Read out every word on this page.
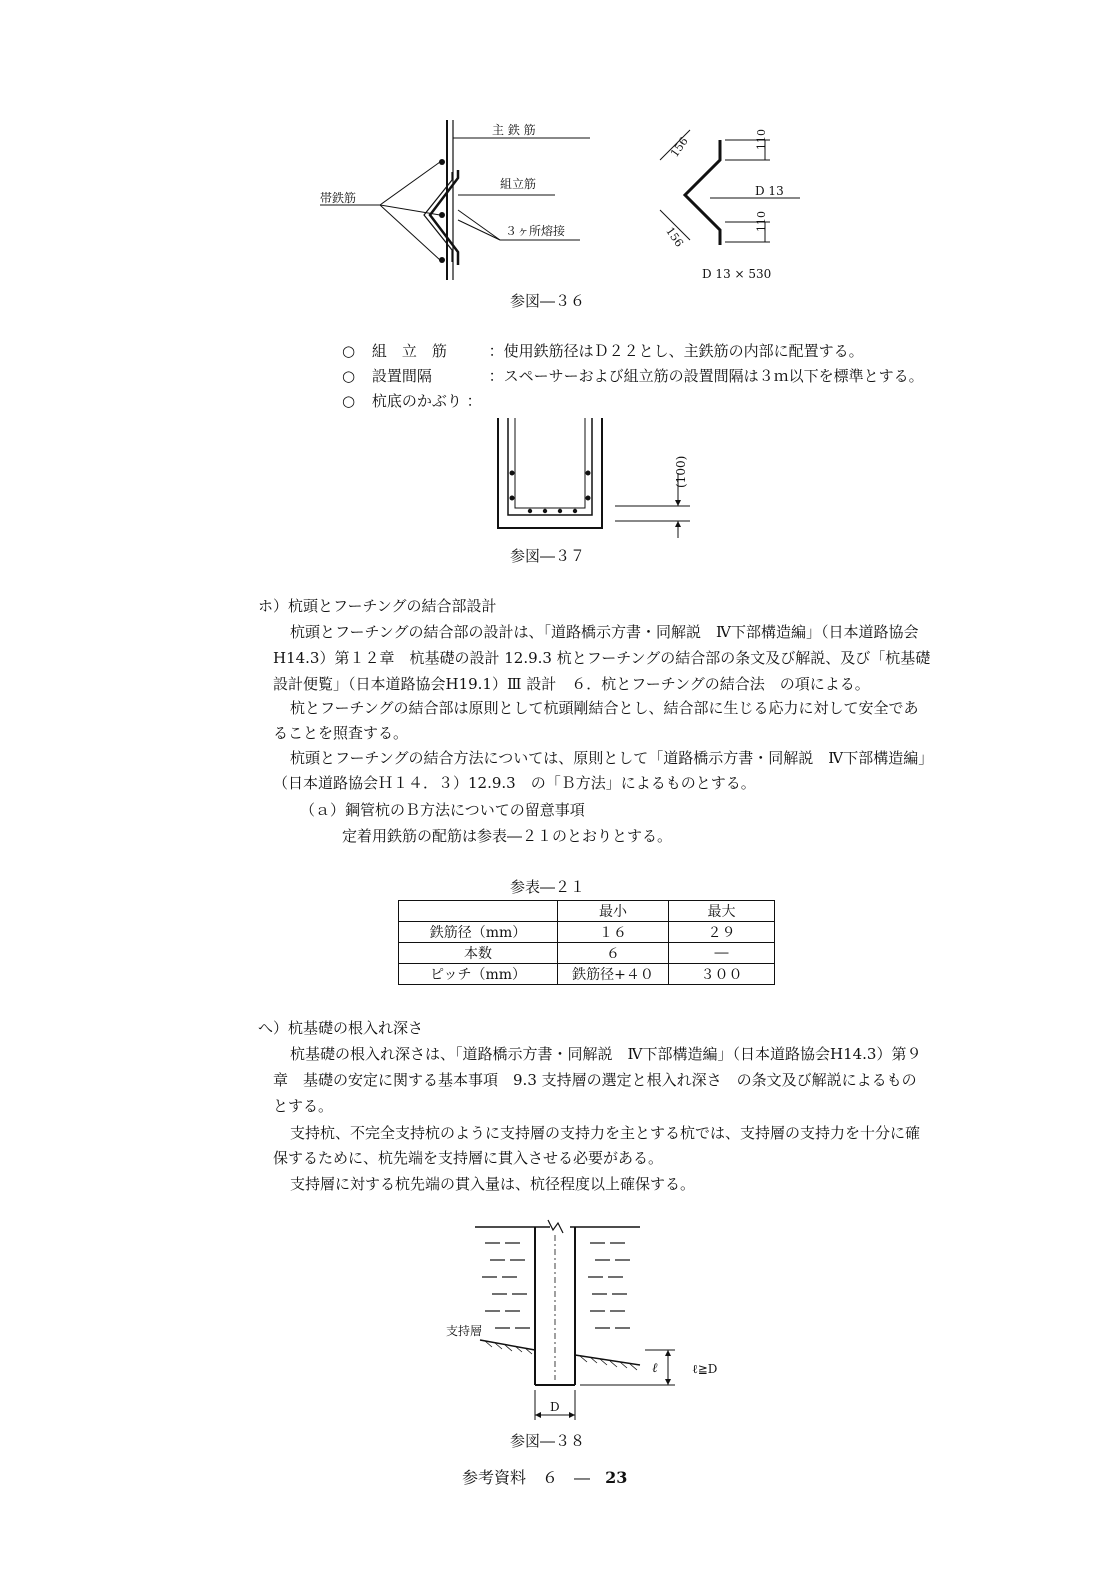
主 鉄 筋
組立筋
帯鉄筋
３ヶ所熔接
156
156
110
D 13
110
D 13 × 530
参図―３６
○ 組　立　筋	：使用鉄筋径はＤ２２とし、主鉄筋の内部に配置する。
○ 設置間隔	：スペーサーおよび組立筋の設置間隔は３ｍ以下を標準とする。
○ 杭底のかぶり ：
(100)
参図―３７
ホ）杭頭とフーチングの結合部設計
杭頭とフーチングの結合部の設計は、「道路橋示方書・同解説　Ⅳ下部構造編」（日本道路協会
H14.3）第１２章　杭基礎の設計 12.9.3 杭とフーチングの結合部の条文及び解説、及び「杭基礎
設計便覧」（日本道路協会H19.1）Ⅲ 設計　６．杭とフーチングの結合法　の項による。
杭とフーチングの結合部は原則として杭頭剛結合とし、結合部に生じる応力に対して安全であ
ることを照査する。
杭頭とフーチングの結合方法については、原則として「道路橋示方書・同解説　Ⅳ下部構造編」
（日本道路協会Ｈ１４．３）12.9.3　の「Ｂ方法」によるものとする。
（ａ）鋼管杭のＢ方法についての留意事項
定着用鉄筋の配筋は参表―２１のとおりとする。
参表―２１
	最小	最大
鉄筋径（mm）	１６	２９
本数	６	―
ピッチ（mm）	鉄筋径+４０	３００
へ）杭基礎の根入れ深さ
杭基礎の根入れ深さは、「道路橋示方書・同解説　Ⅳ下部構造編」（日本道路協会H14.3）第９
章　基礎の安定に関する基本事項　9.3 支持層の選定と根入れ深さ　の条文及び解説によるもの
とする。
支持杭、不完全支持杭のように支持層の支持力を主とする杭では、支持層の支持力を十分に確
保するために、杭先端を支持層に貫入させる必要がある。
支持層に対する杭先端の貫入量は、杭径程度以上確保する。
支持層
ℓ	ℓ≧D
D
参図―３８
参考資料　６　― 23
